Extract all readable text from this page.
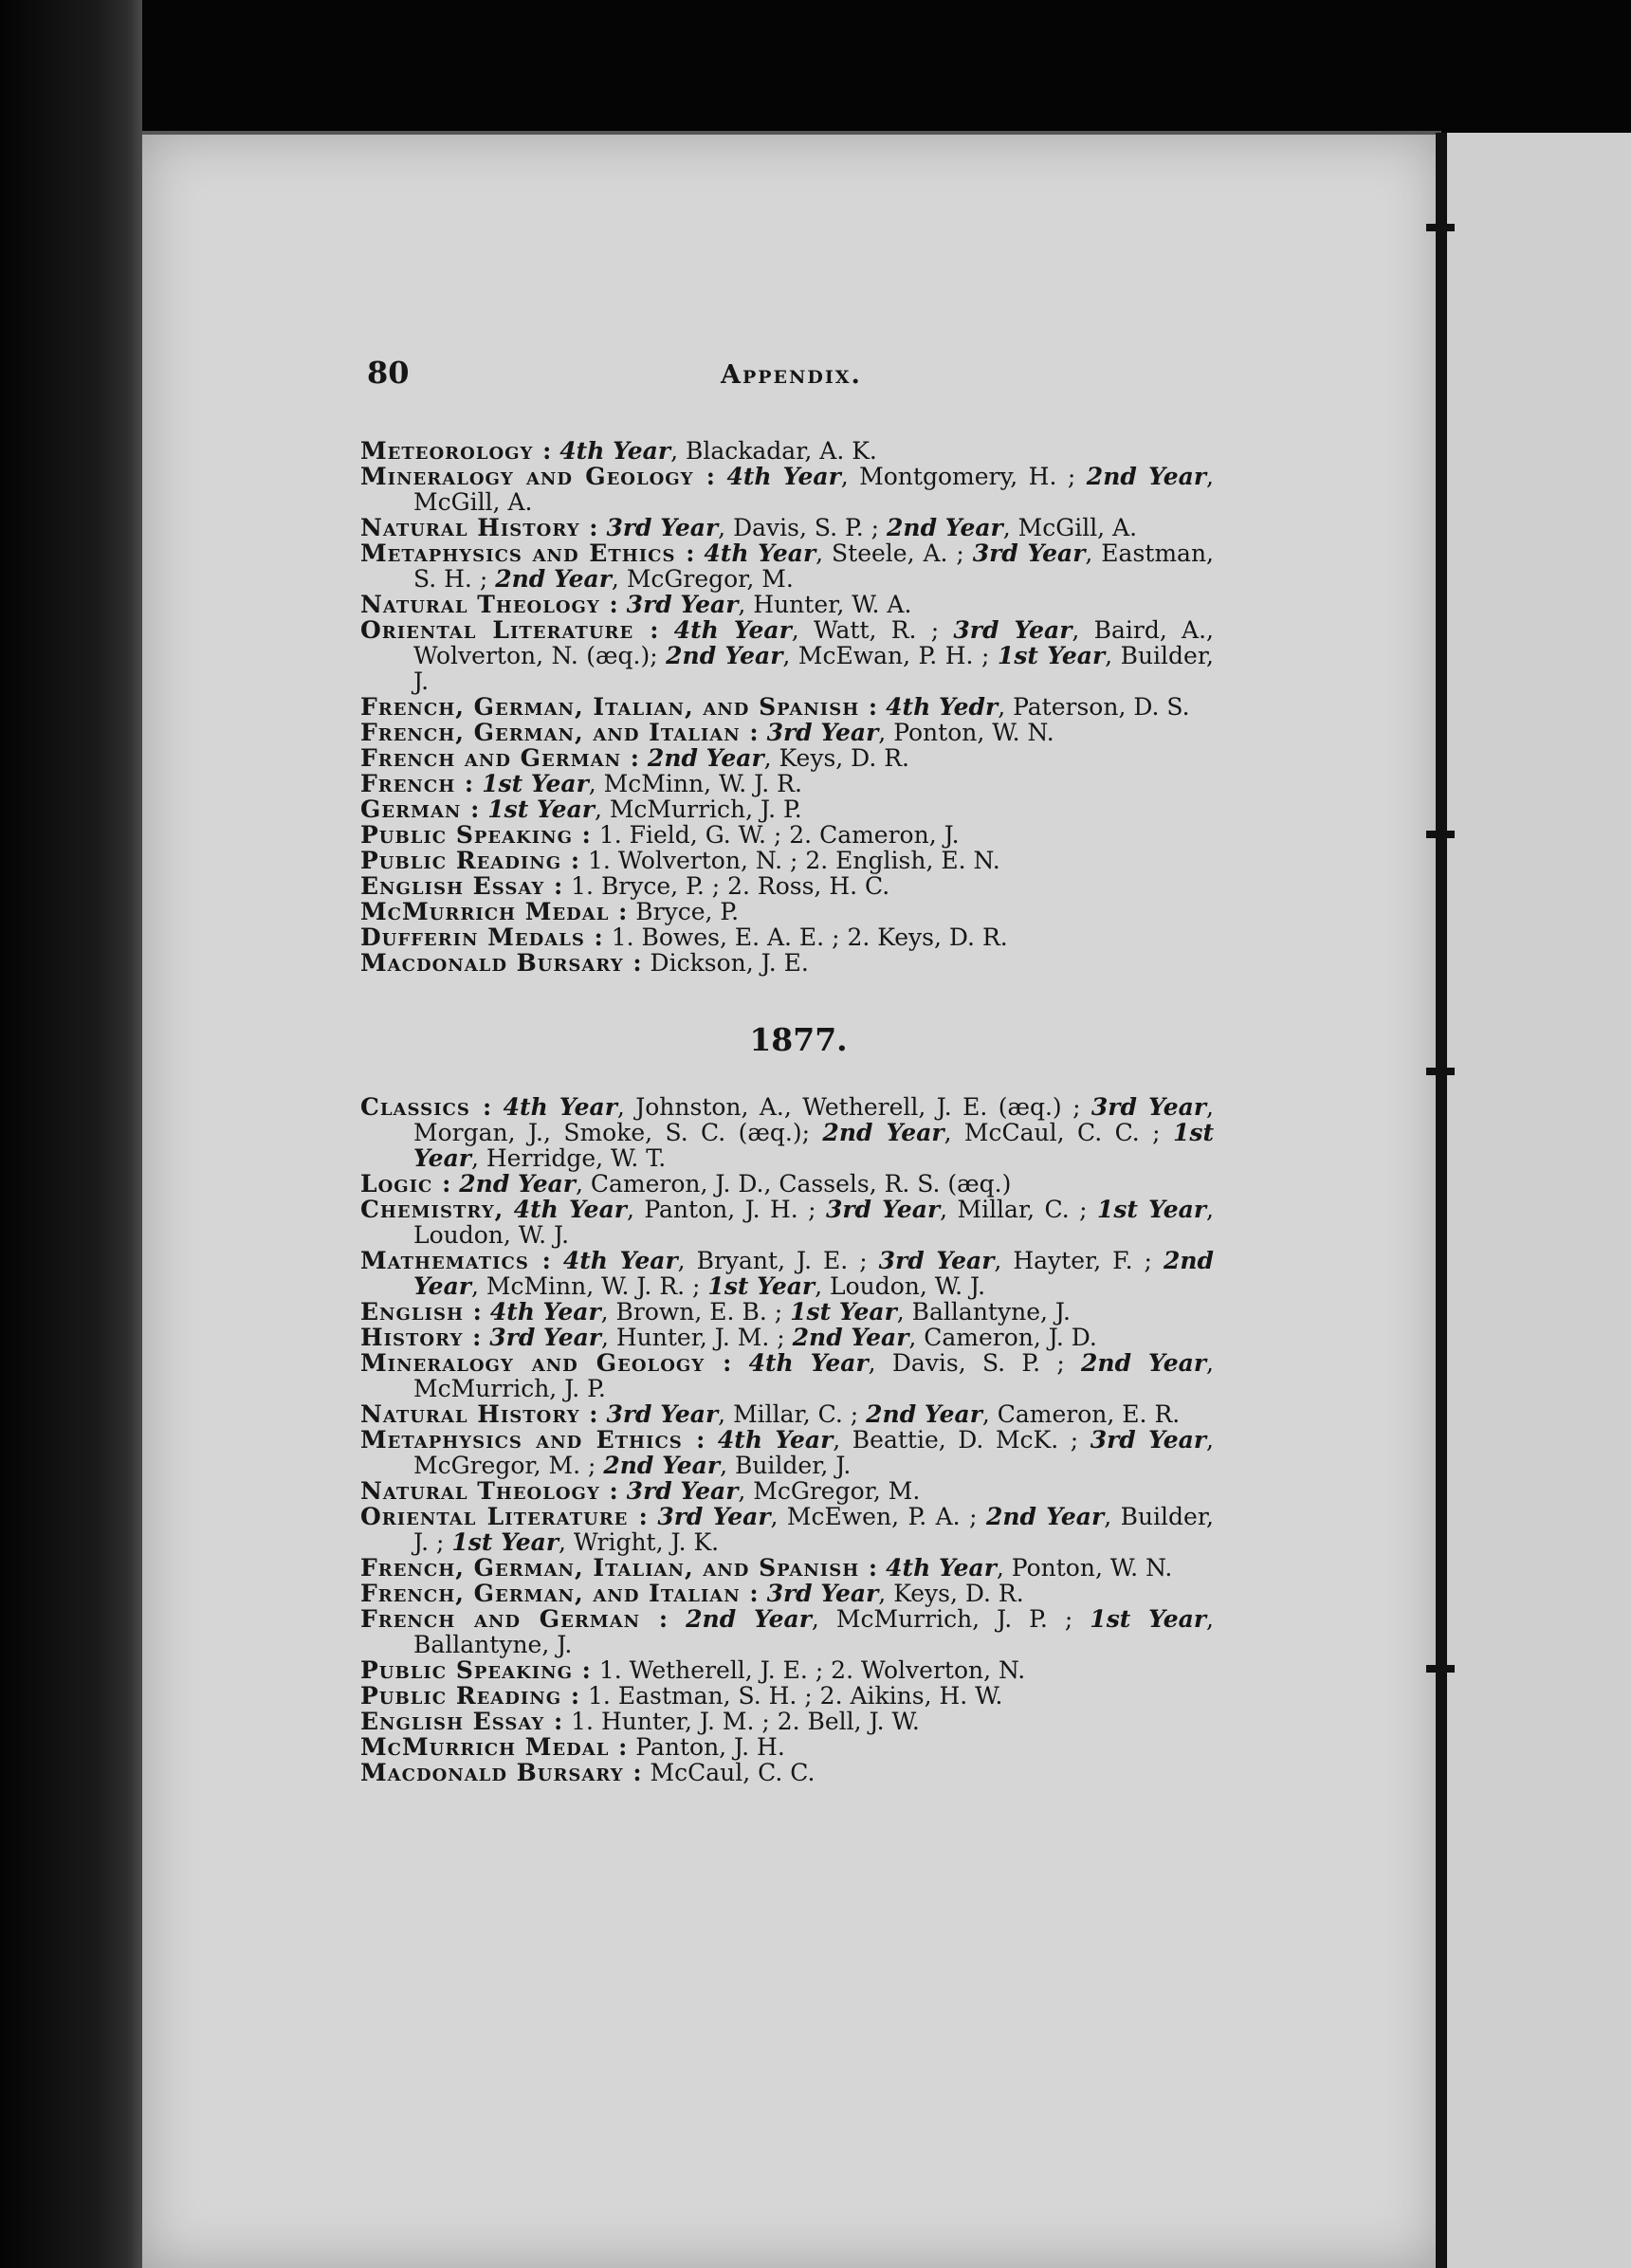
80	Appendix.

Meteorology : 4th Year, Blackadar, A. K.

Mineralogy and Geology : 4th Year, Montgomery, H. ; 2nd Year, McGill, A.

Natural History : 3rd Year, Davis, S. P. ; 2nd Year, McGill, A.

Metaphysics and Ethics : 4th Year, Steele, A. ; 3rd Year, Eastman, S. H. ; 2nd Year, McGregor, M.

Natural Theology : 3rd Year, Hunter, W. A.

Oriental Literature : 4th Year, Watt, R. ; 3rd Year, Baird, A., Wolverton, N. (æq.); 2nd Year, McEwan, P. H. ; 1st Year, Builder, J.

French, German, Italian, and Spanish : 4th Yedr, Paterson, D. S.

French, German, and Italian : 3rd Year, Ponton, W. N.

French and German : 2nd Year, Keys, D. R.

French : 1st Year, McMinn, W. J. R.

German : 1st Year, McMurrich, J. P.

Public Speaking : 1. Field, G. W. ; 2. Cameron, J.

Public Reading : 1. Wolverton, N. ; 2. English, E. N.

English Essay : 1. Bryce, P. ; 2. Ross, H. C.

McMurrich Medal : Bryce, P.

Dufferin Medals : 1. Bowes, E. A. E. ; 2. Keys, D. R.

Macdonald Bursary : Dickson, J. E.

1877.

Classics : 4th Year, Johnston, A., Wetherell, J. E. (æq.) ; 3rd Year, Morgan, J., Smoke, S. C. (æq.); 2nd Year, McCaul, C. C. ; 1st Year, Herridge, W. T.

Logic : 2nd Year, Cameron, J. D., Cassels, R. S. (æq.)

Chemistry, 4th Year, Panton, J. H. ; 3rd Year, Millar, C. ; 1st Year, Loudon, W. J.

Mathematics : 4th Year, Bryant, J. E. ; 3rd Year, Hayter, F. ; 2nd Year, McMinn, W. J. R. ; 1st Year, Loudon, W. J.

English : 4th Year, Brown, E. B. ; 1st Year, Ballantyne, J.

History : 3rd Year, Hunter, J. M. ; 2nd Year, Cameron, J. D.

Mineralogy and Geology : 4th Year, Davis, S. P. ; 2nd Year, McMurrich, J. P.

Natural History : 3rd Year, Millar, C. ; 2nd Year, Cameron, E. R.

Metaphysics and Ethics : 4th Year, Beattie, D. McK. ; 3rd Year, McGregor, M. ; 2nd Year, Builder, J.

Natural Theology : 3rd Year, McGregor, M.

Oriental Literature : 3rd Year, McEwen, P. A. ; 2nd Year, Builder, J. ; 1st Year, Wright, J. K.

French, German, Italian, and Spanish : 4th Year, Ponton, W. N.

French, German, and Italian : 3rd Year, Keys, D. R.

French and German : 2nd Year, McMurrich, J. P. ; 1st Year, Ballantyne, J.

Public Speaking : 1. Wetherell, J. E. ; 2. Wolverton, N.

Public Reading : 1. Eastman, S. H. ; 2. Aikins, H. W.

English Essay : 1. Hunter, J. M. ; 2. Bell, J. W.

McMurrich Medal : Panton, J. H.

Macdonald Bursary : McCaul, C. C.
